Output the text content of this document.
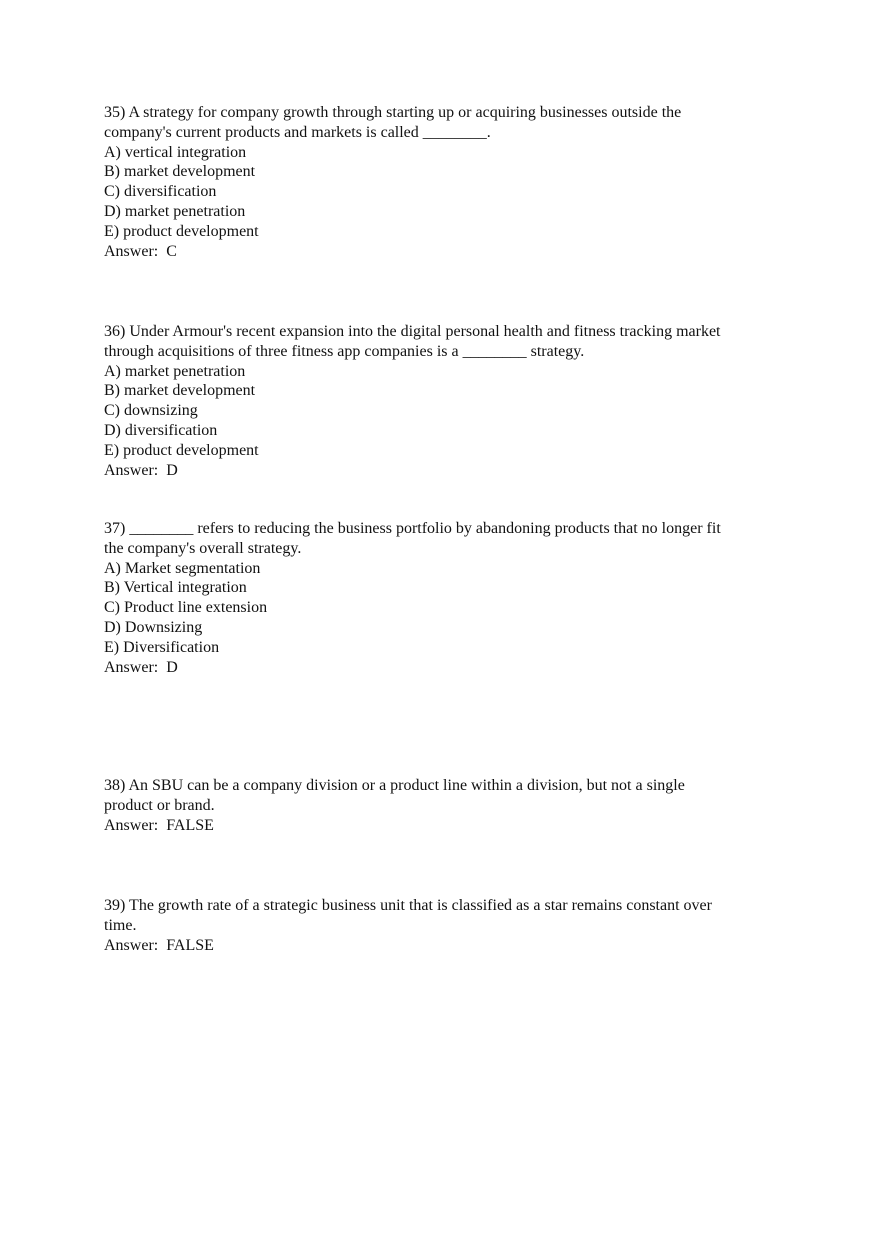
35) A strategy for company growth through starting up or acquiring businesses outside the
company's current products and markets is called ________.
A) vertical integration
B) market development
C) diversification
D) market penetration
E) product development
Answer:  C
36) Under Armour's recent expansion into the digital personal health and fitness tracking market
through acquisitions of three fitness app companies is a ________ strategy.
A) market penetration
B) market development
C) downsizing
D) diversification
E) product development
Answer:  D
37) ________ refers to reducing the business portfolio by abandoning products that no longer fit
the company's overall strategy.
A) Market segmentation
B) Vertical integration
C) Product line extension
D) Downsizing
E) Diversification
Answer:  D
38) An SBU can be a company division or a product line within a division, but not a single
product or brand.
Answer:  FALSE
39) The growth rate of a strategic business unit that is classified as a star remains constant over
time.
Answer:  FALSE
